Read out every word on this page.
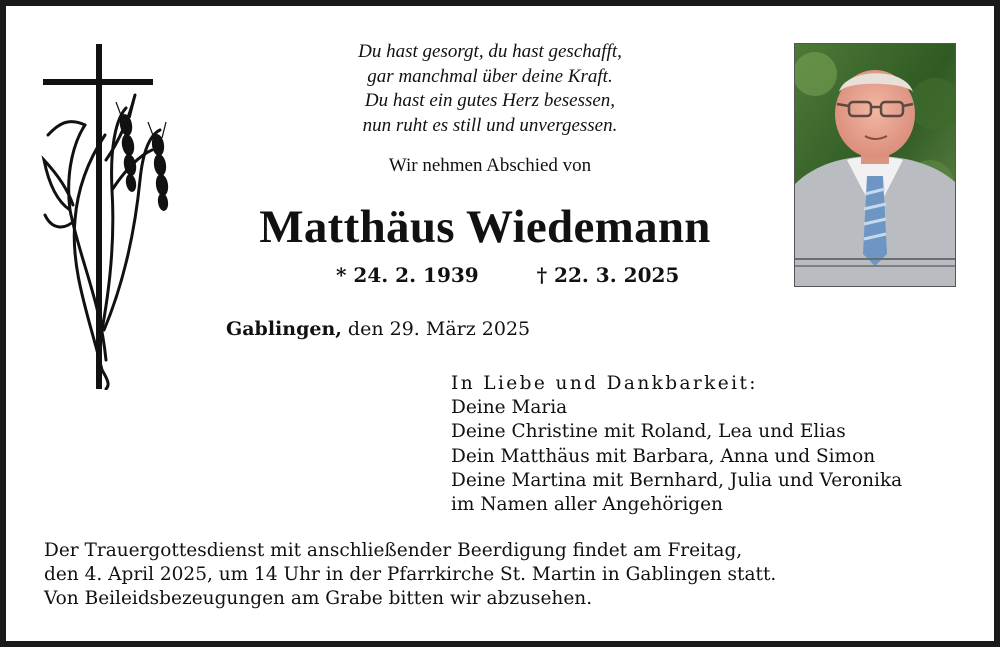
Du hast gesorgt, du hast geschafft,
gar manchmal über deine Kraft.
Du hast ein gutes Herz besessen,
nun ruht es still und unvergessen.
Wir nehmen Abschied von
Matthäus Wiedemann
* 24. 2. 1939	† 22. 3. 2025
Gablingen, den 29. März 2025
In Liebe und Dankbarkeit:
Deine Maria
Deine Christine mit Roland, Lea und Elias
Dein Matthäus mit Barbara, Anna und Simon
Deine Martina mit Bernhard, Julia und Veronika
im Namen aller Angehörigen
Der Trauergottesdienst mit anschließender Beerdigung findet am Freitag,
den 4. April 2025, um 14 Uhr in der Pfarrkirche St. Martin in Gablingen statt.
Von Beileidsbezeugungen am Grabe bitten wir abzusehen.
